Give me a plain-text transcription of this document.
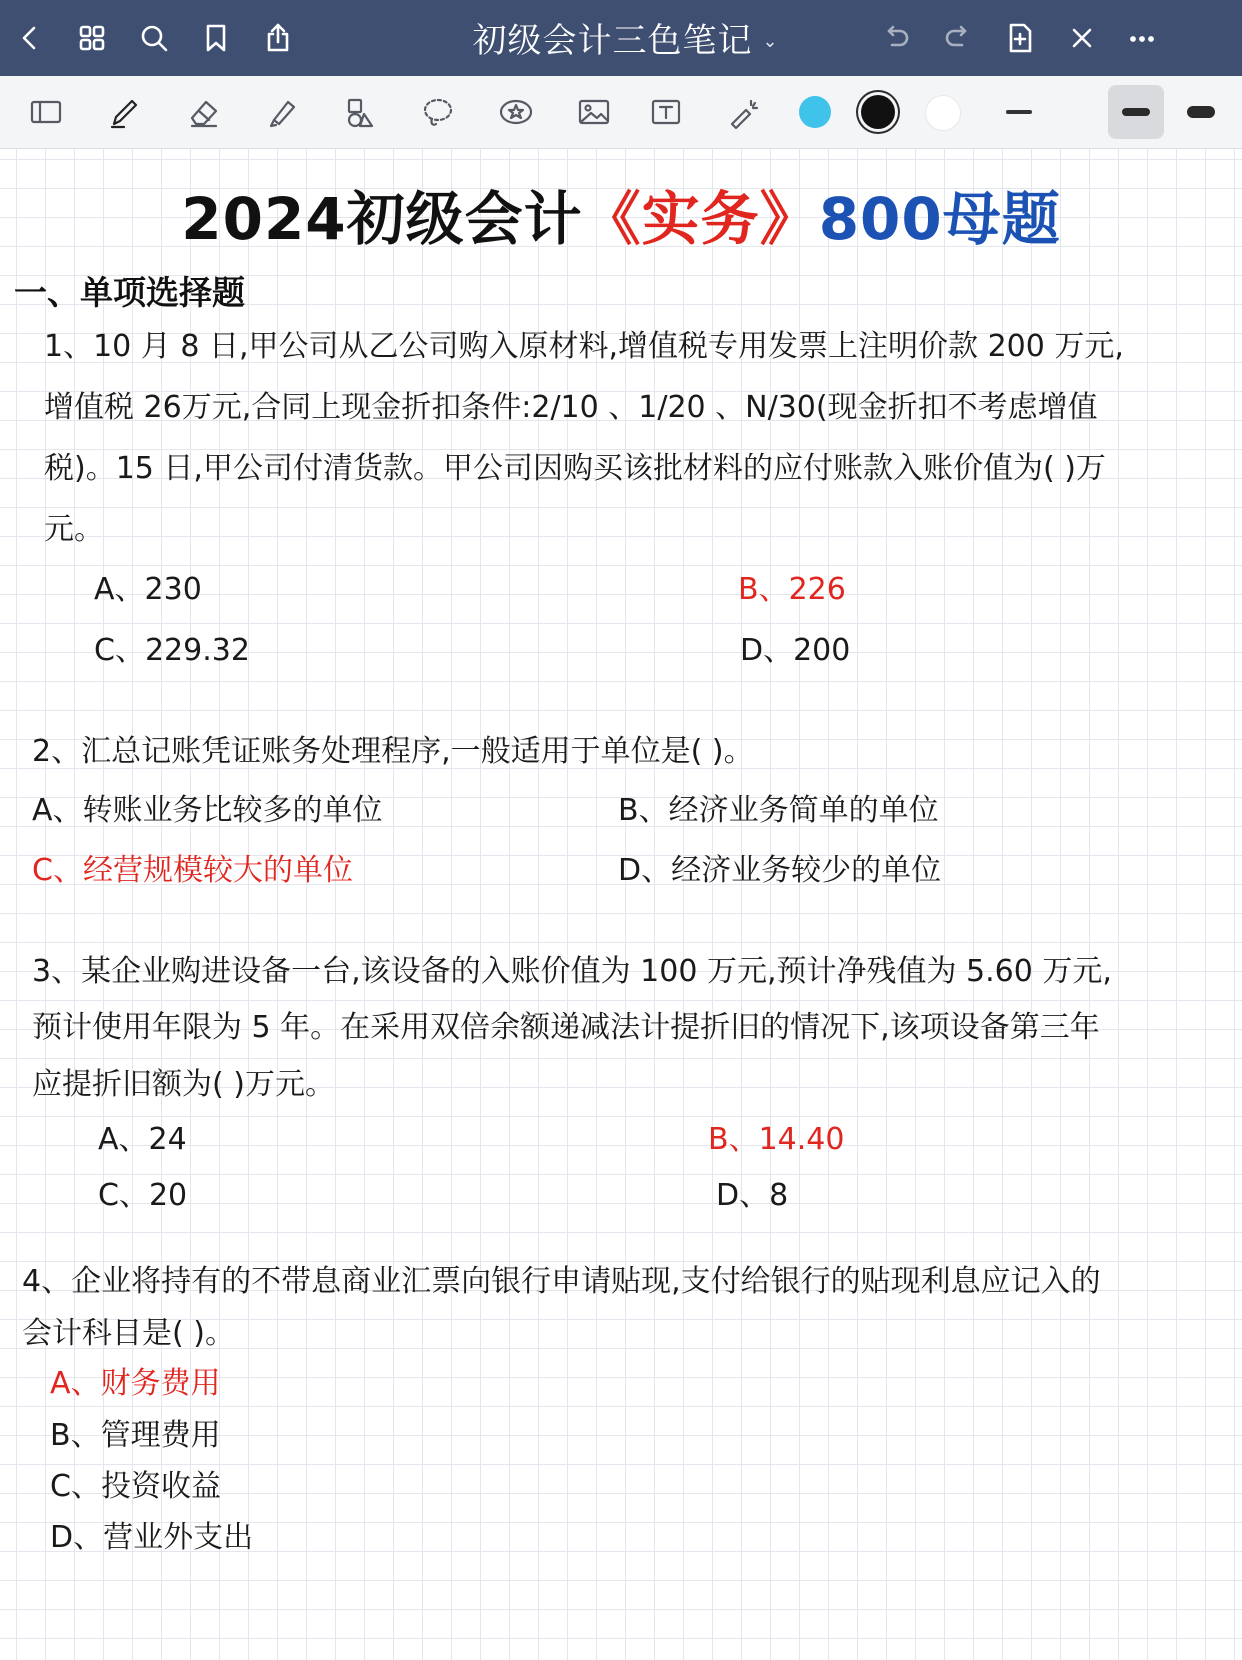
初级会计三色笔记 ⌄
2024初级会计《实务》800母题
一、单项选择题
1、10 月 8 日,甲公司从乙公司购入原材料,增值税专用发票上注明价款 200 万元,
增值税 26万元,合同上现金折扣条件:2/10 、1/20 、N/30(现金折扣不考虑增值
税)。15 日,甲公司付清货款。甲公司因购买该批材料的应付账款入账价值为( )万
元。
A、230	B、226
C、229.32	D、200
2、汇总记账凭证账务处理程序,一般适用于单位是( )。
A、转账业务比较多的单位	B、经济业务简单的单位
C、经营规模较大的单位	D、经济业务较少的单位
3、某企业购进设备一台,该设备的入账价值为 100 万元,预计净残值为 5.60 万元,
预计使用年限为 5 年。在采用双倍余额递减法计提折旧的情况下,该项设备第三年
应提折旧额为( )万元。
A、24	B、14.40
C、20	D、8
4、企业将持有的不带息商业汇票向银行申请贴现,支付给银行的贴现利息应记入的
会计科目是( )。
A、财务费用
B、管理费用
C、投资收益
D、营业外支出
